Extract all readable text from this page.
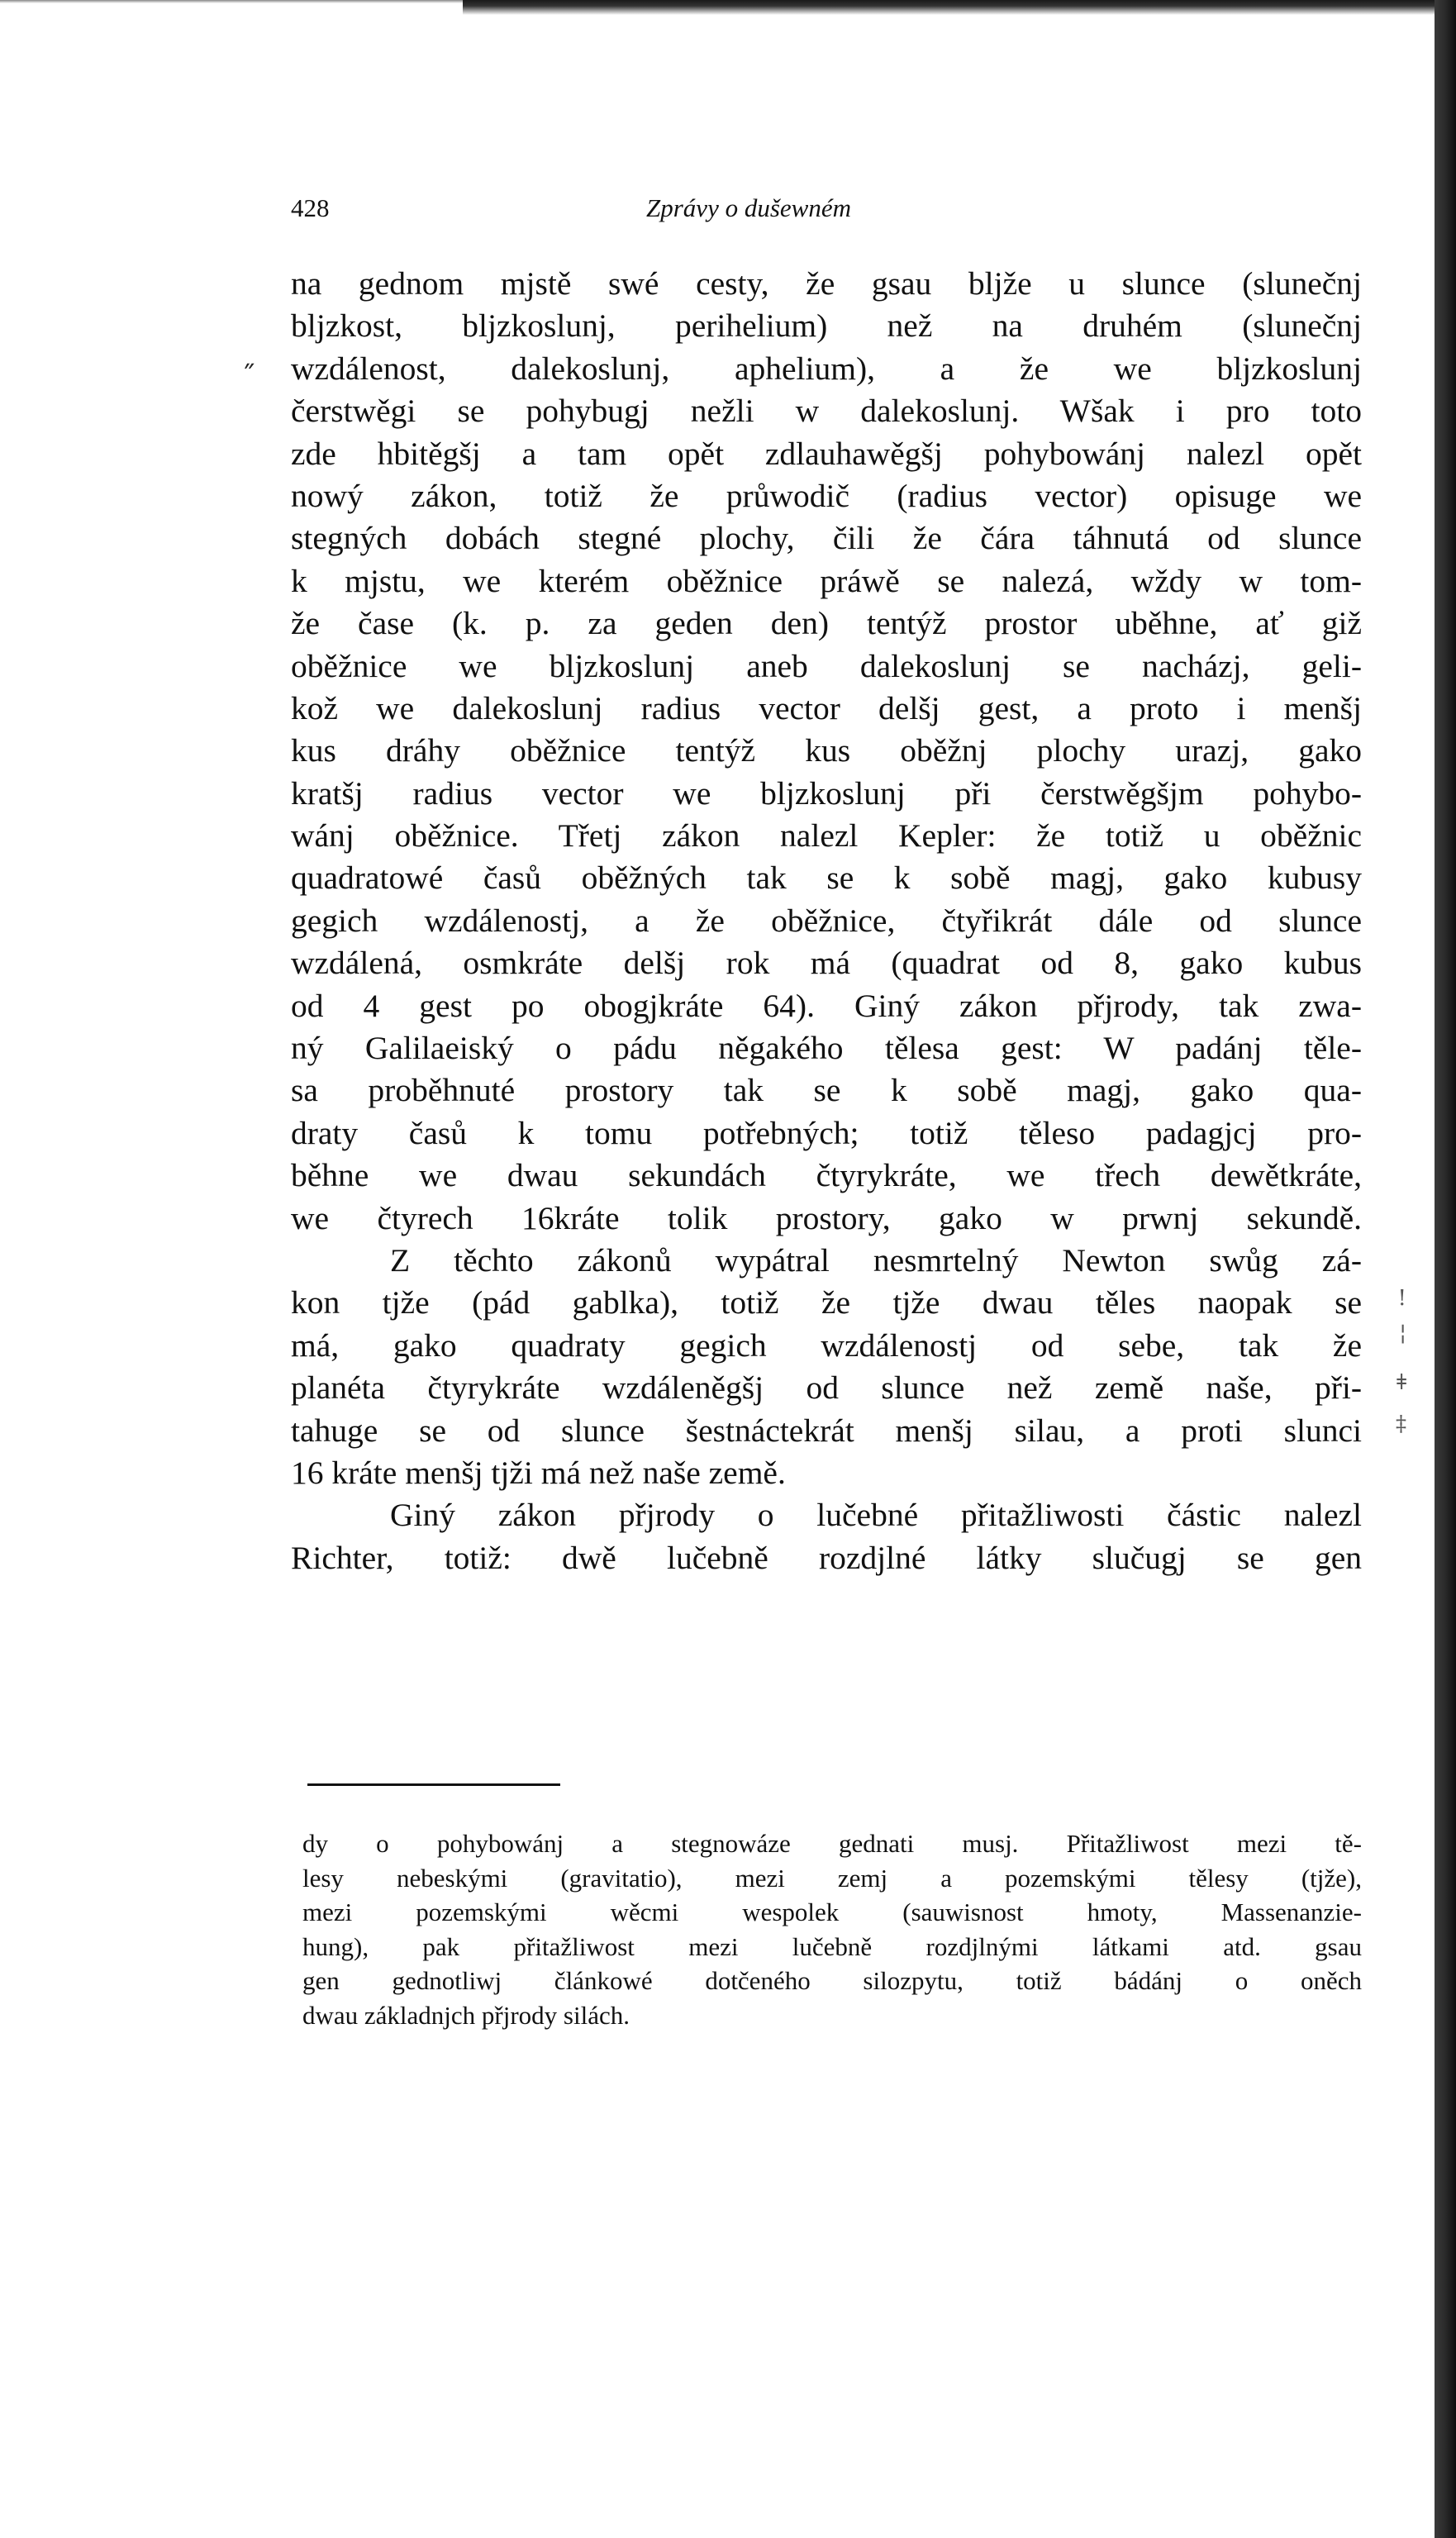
!
¦
ǂ
‡
˝
428	Zprávy o dušewném
na gednom mjstě swé cesty, že gsau bljže u slunce (slunečnj
bljzkost, bljzkoslunj, perihelium) než na druhém (slunečnj
wzdálenost, dalekoslunj, aphelium), a že we bljzkoslunj
čerstwěgi se pohybugj nežli w dalekoslunj. Wšak i pro toto
zde hbitěgšj a tam opět zdlauhawěgšj pohybowánj nalezl opět
nowý zákon, totiž že průwodič (radius vector) opisuge we
stegných dobách stegné plochy, čili že čára táhnutá od slunce
k mjstu, we kterém oběžnice práwě se nalezá, wždy w tom-
že čase (k. p. za geden den) tentýž prostor uběhne, ať giž
oběžnice we bljzkoslunj aneb dalekoslunj se nacházj, geli-
kož we dalekoslunj radius vector delšj gest, a proto i menšj
kus dráhy oběžnice tentýž kus oběžnj plochy urazj, gako
kratšj radius vector we bljzkoslunj při čerstwěgšjm pohybo-
wánj oběžnice. Třetj zákon nalezl Kepler: že totiž u oběžnic
quadratowé časů oběžných tak se k sobě magj, gako kubusy
gegich wzdálenostj, a že oběžnice, čtyřikrát dále od slunce
wzdálená, osmkráte delšj rok má (quadrat od 8, gako kubus
od 4 gest po obogjkráte 64). Giný zákon přjrody, tak zwa-
ný Galilaeiský o pádu něgakého tělesa gest: W padánj těle-
sa proběhnuté prostory tak se k sobě magj, gako qua-
draty časů k tomu potřebných; totiž těleso padagjcj pro-
běhne we dwau sekundách čtyrykráte, we třech dewětkráte,
we čtyrech 16kráte tolik prostory, gako w prwnj sekundě.
Z těchto zákonů wypátral nesmrtelný Newton swůg zá-
kon tjže (pád gablka), totiž že tjže dwau těles naopak se
má, gako quadraty gegich wzdálenostj od sebe, tak že
planéta čtyrykráte wzdáleněgšj od slunce než země naše, při-
tahuge se od slunce šestnáctekrát menšj silau, a proti slunci
16 kráte menšj tjži má než naše země.
Giný zákon přjrody o lučebné přitažliwosti částic nalezl
Richter, totiž: dwě lučebně rozdjlné látky slučugj se gen
dy o pohybowánj a stegnowáze gednati musj. Přitažliwost mezi tě-
lesy nebeskými (gravitatio), mezi zemj a pozemskými tělesy (tjže),
mezi pozemskými wěcmi wespolek (sauwisnost hmoty, Massenanzie-
hung), pak přitažliwost mezi lučebně rozdjlnými látkami atd. gsau
gen gednotliwj článkowé dotčeného silozpytu, totiž bádánj o oněch
dwau základnjch přjrody silách.
